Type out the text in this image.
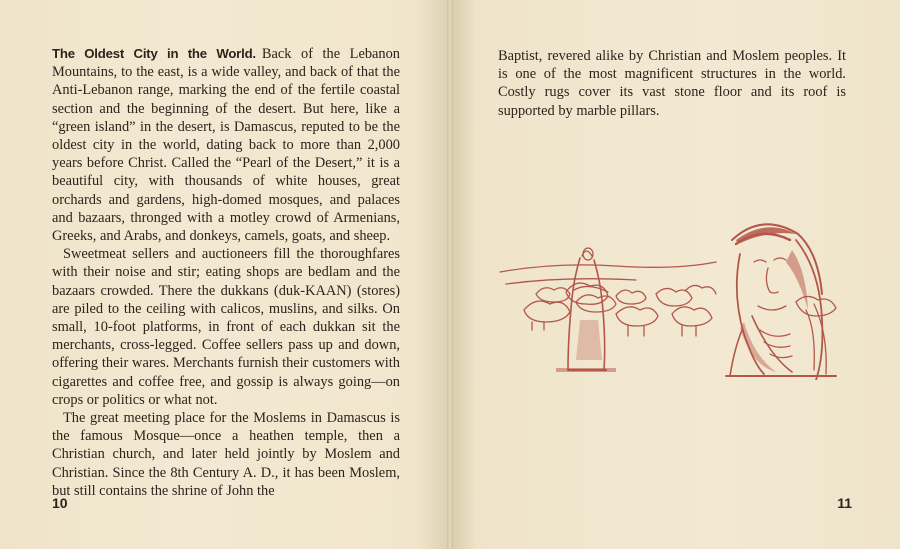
The Oldest City in the World. Back of the Lebanon Mountains, to the east, is a wide valley, and back of that the Anti-Lebanon range, marking the end of the fertile coastal section and the beginning of the desert. But here, like a “green island” in the desert, is Damascus, reputed to be the oldest city in the world, dating back to more than 2,000 years before Christ. Called the “Pearl of the Desert,” it is a beautiful city, with thousands of white houses, great orchards and gardens, high-domed mosques, and palaces and bazaars, thronged with a motley crowd of Armenians, Greeks, and Arabs, and donkeys, camels, goats, and sheep.

Sweetmeat sellers and auctioneers fill the thoroughfares with their noise and stir; eating shops are bedlam and the bazaars crowded. There the dukkans (duk-KAAN) (stores) are piled to the ceiling with calicos, muslins, and silks. On small, 10-foot platforms, in front of each dukkan sit the merchants, cross-legged. Coffee sellers pass up and down, offering their wares. Merchants furnish their customers with cigarettes and coffee free, and gossip is always going—on crops or politics or what not.

The great meeting place for the Moslems in Damascus is the famous Mosque—once a heathen temple, then a Christian church, and later held jointly by Moslem and Christian. Since the 8th Century A. D., it has been Moslem, but still contains the shrine of John the

10	11

Baptist, revered alike by Christian and Moslem peoples. It is one of the most magnificent structures in the world. Costly rugs cover its vast stone floor and its roof is supported by marble pillars.
